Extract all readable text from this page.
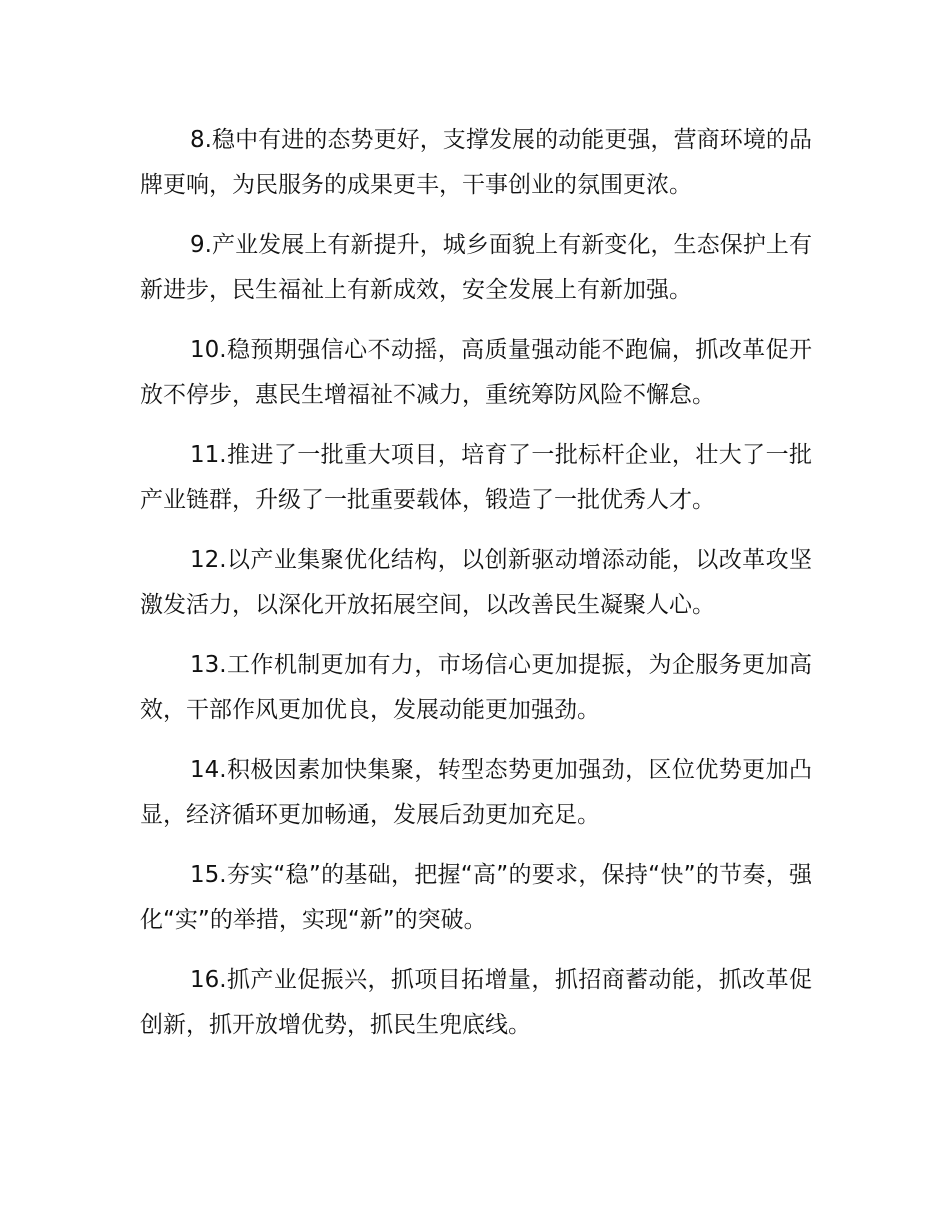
8.稳中有进的态势更好，支撑发展的动能更强，营商环境的品牌更响，为民服务的成果更丰，干事创业的氛围更浓。

9.产业发展上有新提升，城乡面貌上有新变化，生态保护上有新进步，民生福祉上有新成效，安全发展上有新加强。

10.稳预期强信心不动摇，高质量强动能不跑偏，抓改革促开放不停步，惠民生增福祉不减力，重统筹防风险不懈怠。

11.推进了一批重大项目，培育了一批标杆企业，壮大了一批产业链群，升级了一批重要载体，锻造了一批优秀人才。

12.以产业集聚优化结构，以创新驱动增添动能，以改革攻坚激发活力，以深化开放拓展空间，以改善民生凝聚人心。

13.工作机制更加有力，市场信心更加提振，为企服务更加高效，干部作风更加优良，发展动能更加强劲。

14.积极因素加快集聚，转型态势更加强劲，区位优势更加凸显，经济循环更加畅通，发展后劲更加充足。

15.夯实“稳”的基础，把握“高”的要求，保持“快”的节奏，强化“实”的举措，实现“新”的突破。

16.抓产业促振兴，抓项目拓增量，抓招商蓄动能，抓改革促创新，抓开放增优势，抓民生兜底线。
